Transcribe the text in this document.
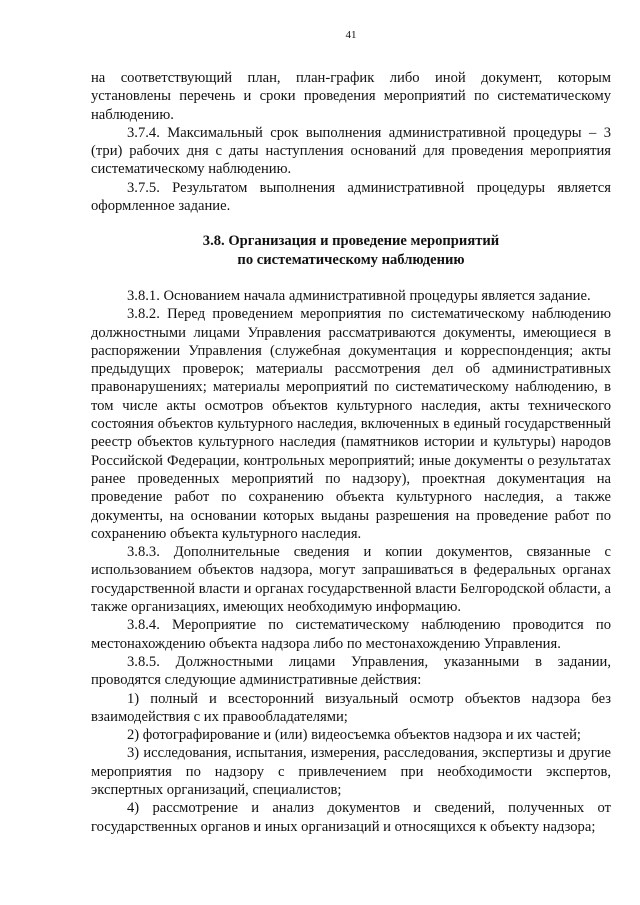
41

на соответствующий план, план-график либо иной документ, которым установлены перечень и сроки проведения мероприятий по систематическому наблюдению.

3.7.4. Максимальный срок выполнения административной процедуры – 3 (три) рабочих дня с даты наступления оснований для проведения мероприятия систематическому наблюдению.

3.7.5. Результатом выполнения административной процедуры является оформленное задание.

3.8. Организация и проведение мероприятий

по систематическому наблюдению

3.8.1. Основанием начала административной процедуры является задание.

3.8.2. Перед проведением мероприятия по систематическому наблюдению должностными лицами Управления рассматриваются документы, имеющиеся в распоряжении Управления (служебная документация и корреспонденция; акты предыдущих проверок; материалы рассмотрения дел об административных правонарушениях; материалы мероприятий по систематическому наблюдению, в том числе акты осмотров объектов культурного наследия, акты технического состояния объектов культурного наследия, включенных в единый государственный реестр объектов культурного наследия (памятников истории и культуры) народов Российской Федерации, контрольных мероприятий; иные документы о результатах ранее проведенных мероприятий по надзору), проектная документация на проведение работ по сохранению объекта культурного наследия, а также документы, на основании которых выданы разрешения на проведение работ по сохранению объекта культурного наследия.

3.8.3. Дополнительные сведения и копии документов, связанные с использованием объектов надзора, могут запрашиваться в федеральных органах государственной власти и органах государственной власти Белгородской области, а также организациях, имеющих необходимую информацию.

3.8.4. Мероприятие по систематическому наблюдению проводится по местонахождению объекта надзора либо по местонахождению Управления.

3.8.5. Должностными лицами Управления, указанными в задании, проводятся следующие административные действия:

1) полный и всесторонний визуальный осмотр объектов надзора без взаимодействия с их правообладателями;

2) фотографирование и (или) видеосъемка объектов надзора и их частей;

3) исследования, испытания, измерения, расследования, экспертизы и другие мероприятия по надзору с привлечением при необходимости экспертов, экспертных организаций, специалистов;

4) рассмотрение и анализ документов и сведений, полученных от государственных органов и иных организаций и относящихся к объекту надзора;
